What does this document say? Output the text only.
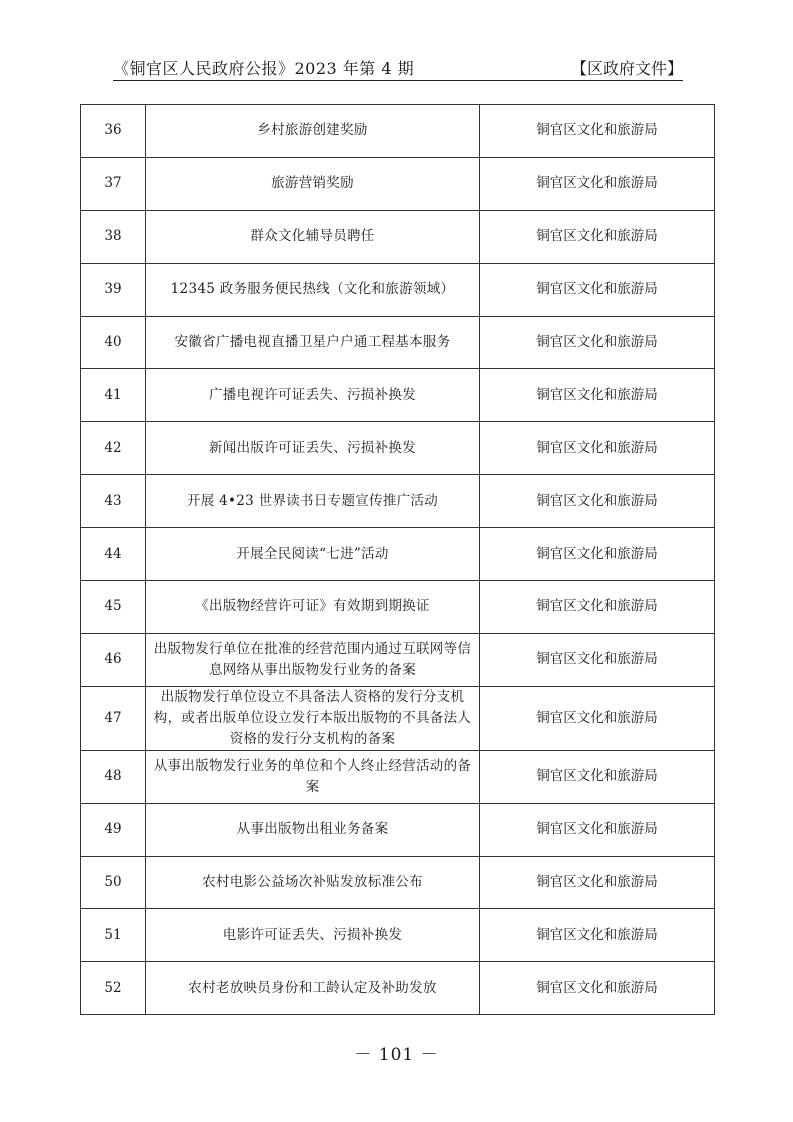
《铜官区人民政府公报》2023 年第 4 期	【区政府文件】
36	乡村旅游创建奖励	铜官区文化和旅游局
37	旅游营销奖励	铜官区文化和旅游局
38	群众文化辅导员聘任	铜官区文化和旅游局
39	12345 政务服务便民热线（文化和旅游领域）	铜官区文化和旅游局
40	安徽省广播电视直播卫星户户通工程基本服务	铜官区文化和旅游局
41	广播电视许可证丢失、污损补换发	铜官区文化和旅游局
42	新闻出版许可证丢失、污损补换发	铜官区文化和旅游局
43	开展 4•23 世界读书日专题宣传推广活动	铜官区文化和旅游局
44	开展全民阅读“七进”活动	铜官区文化和旅游局
45	《出版物经营许可证》有效期到期换证	铜官区文化和旅游局
46	出版物发行单位在批准的经营范围内通过互联网等信息网络从事出版物发行业务的备案	铜官区文化和旅游局
47	出版物发行单位设立不具备法人资格的发行分支机构，或者出版单位设立发行本版出版物的不具备法人资格的发行分支机构的备案	铜官区文化和旅游局
48	从事出版物发行业务的单位和个人终止经营活动的备案	铜官区文化和旅游局
49	从事出版物出租业务备案	铜官区文化和旅游局
50	农村电影公益场次补贴发放标准公布	铜官区文化和旅游局
51	电影许可证丢失、污损补换发	铜官区文化和旅游局
52	农村老放映员身份和工龄认定及补助发放	铜官区文化和旅游局
－ 101 －
